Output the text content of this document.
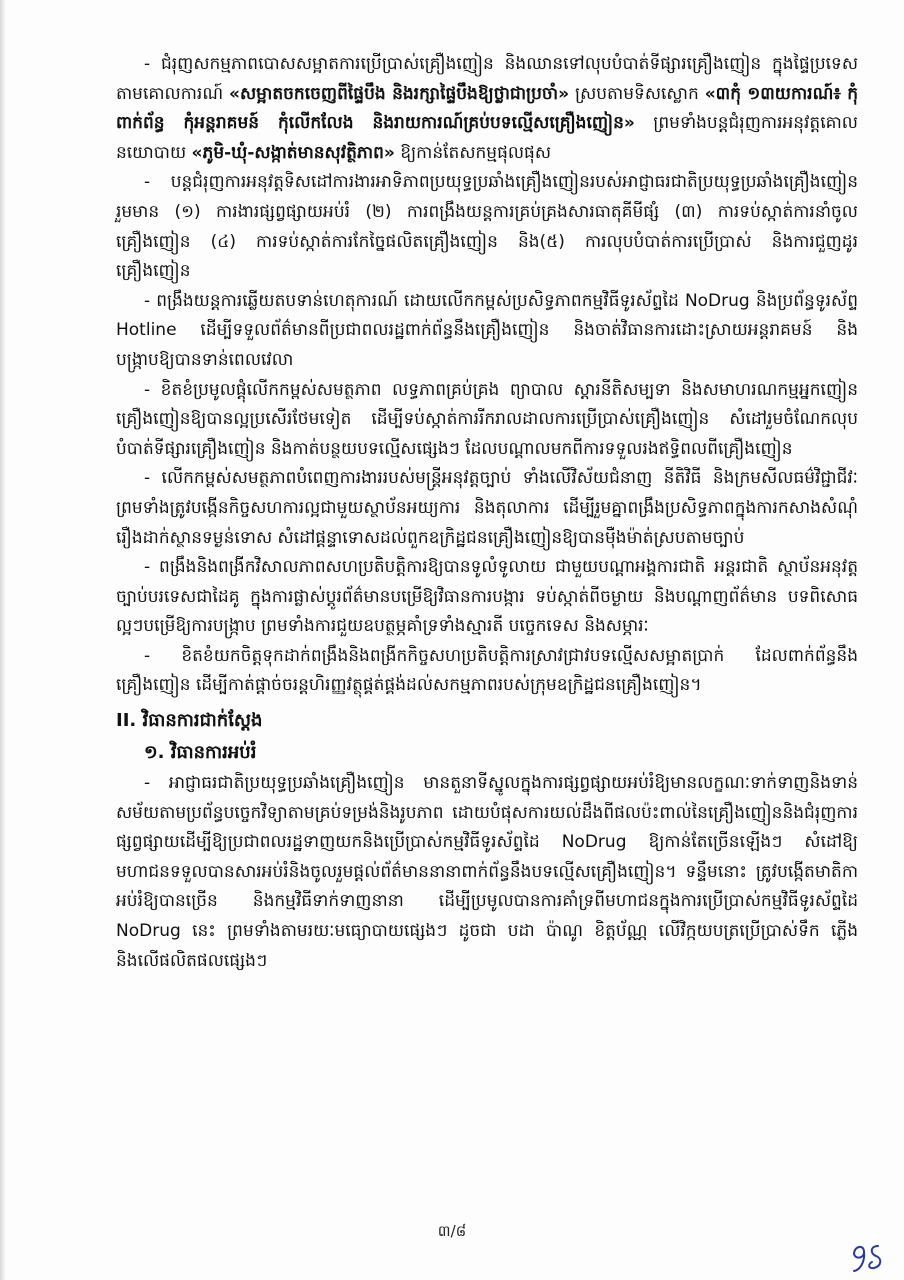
- ជំរុញសកម្មភាពបោសសម្អាតការប្រើប្រាស់គ្រឿងញៀន និងឈានទៅលុបបំបាត់ទីផ្សារគ្រឿងញៀន ក្នុងផ្ទៃប្រទេស តាមគោលការណ៍ «សម្អាតចកចេញពីផ្ទៃបឹង និងរក្សាផ្ទៃបឹងឱ្យថ្លាជាប្រចាំ» ស្របតាមទិសស្លោក «៣កុំ ១៣យការណ៍៖ កុំពាក់ព័ន្ធ កុំអន្តរាគមន៍ កុំលើកលែង និងរាយការណ៍គ្រប់បទល្មើសគ្រឿងញៀន» ព្រមទាំងបន្តជំរុញការអនុវត្តគោលនយោបាយ «ភូមិ-ឃុំ-សង្កាត់មានសុវត្ថិភាព» ឱ្យកាន់តែសកម្មផុលផុស

- បន្តជំរុញការអនុវត្តទិសដៅការងារអាទិភាពប្រយុទ្ធប្រឆាំងគ្រឿងញៀនរបស់អាជ្ញាធរជាតិប្រយុទ្ធប្រឆាំងគ្រឿងញៀនរួមមាន (១) ការងារផ្សព្វផ្សាយអប់រំ (២) ការពង្រឹងយន្តការគ្រប់គ្រងសារធាតុគីមីផ្សំ (៣) ការទប់ស្កាត់ការនាំចូលគ្រឿងញៀន (៤) ការទប់ស្កាត់ការកែច្នៃផលិតគ្រឿងញៀន និង(៥) ការលុបបំបាត់ការប្រើប្រាស់ និងការជួញដូរគ្រឿងញៀន

- ពង្រឹងយន្តការឆ្លើយតបទាន់ហេតុការណ៍ ដោយលើកកម្ពស់ប្រសិទ្ធភាពកម្មវិធីទូរស័ព្ទដៃ NoDrug និងប្រព័ន្ធទូរស័ព្ទ Hotline ដើម្បីទទួលព័ត៌មានពីប្រជាពលរដ្ឋពាក់ព័ន្ធនឹងគ្រឿងញៀន និងចាត់វិធានការដោះស្រាយអន្តរាគមន៍ និងបង្ក្រាបឱ្យបានទាន់ពេលវេលា

- ខិតខំប្រមូលផ្តុំលើកកម្ពស់សមត្ថភាព លទ្ធភាពគ្រប់គ្រង ព្យាបាល ស្តារនីតិសម្បទា និងសមាហរណកម្មអ្នកញៀនគ្រឿងញៀនឱ្យបានល្អប្រសើរថែមទៀត ដើម្បីទប់ស្កាត់ការរីករាលដាលការប្រើប្រាស់គ្រឿងញៀន សំដៅរួមចំណែកលុបបំបាត់ទីផ្សារគ្រឿងញៀន និងកាត់បន្ថយបទល្មើសផ្សេងៗ ដែលបណ្តាលមកពីការទទួលរងឥទ្ធិពលពីគ្រឿងញៀន

- លើកកម្ពស់សមត្ថភាពបំពេញការងាររបស់មន្ត្រីអនុវត្តច្បាប់ ទាំងលើវិស័យជំនាញ នីតិវិធី និងក្រមសីលធម៌វិជ្ជាជីវៈ ព្រមទាំងត្រូវបង្កើនកិច្ចសហការល្អជាមួយស្ថាប័នអយ្យការ និងតុលាការ ដើម្បីរួមគ្នាពង្រឹងប្រសិទ្ធភាពក្នុងការកសាងសំណុំរឿងដាក់ស្ថានទម្ងន់ទោស សំដៅផ្តន្ទាទោសដល់ពួកឧក្រិដ្ឋជនគ្រឿងញៀនឱ្យបានម៉ឺងម៉ាត់ស្របតាមច្បាប់

- ពង្រឹងនិងពង្រីកវិសាលភាពសហប្រតិបត្តិការឱ្យបានទូលំទូលាយ ជាមួយបណ្តាអង្គការជាតិ អន្តរជាតិ ស្ថាប័នអនុវត្តច្បាប់បរទេសជាដៃគូ ក្នុងការផ្លាស់ប្តូរព័ត៌មានបម្រើឱ្យវិធានការបង្ការ ទប់ស្កាត់ពីចម្ងាយ និងបណ្តាញព័ត៌មាន បទពិសោធល្អៗបម្រើឱ្យការបង្ក្រាប ព្រមទាំងការជួយឧបត្ថម្ភគាំទ្រទាំងស្មារតី បច្ចេកទេស និងសម្ភារៈ

- ខិតខំយកចិត្តទុកដាក់ពង្រឹងនិងពង្រីកកិច្ចសហប្រតិបត្តិការស្រាវជ្រាវបទល្មើសសម្អាតប្រាក់ ដែលពាក់ព័ន្ធនឹងគ្រឿងញៀន ដើម្បីកាត់ផ្តាច់ចរន្តហិរញ្ញវត្ថុផ្គត់ផ្គង់ដល់សកម្មភាពរបស់ក្រុមឧក្រិដ្ឋជនគ្រឿងញៀន។

II. វិធានការជាក់ស្តែង
១. វិធានការអប់រំ

- អាជ្ញាធរជាតិប្រយុទ្ធប្រឆាំងគ្រឿងញៀន មានតួនាទីស្នូលក្នុងការផ្សព្វផ្សាយអប់រំឱ្យមានលក្ខណៈទាក់ទាញនិងទាន់សម័យតាមប្រព័ន្ធបច្ចេកវិទ្យាតាមគ្រប់ទម្រង់និងរូបភាព ដោយបំផុសការយល់ដឹងពីផលប៉ះពាល់នៃគ្រឿងញៀននិងជំរុញការផ្សព្វផ្សាយដើម្បីឱ្យប្រជាពលរដ្ឋទាញយកនិងប្រើប្រាស់កម្មវិធីទូរស័ព្ទដៃ NoDrug ឱ្យកាន់តែច្រើនឡើងៗ សំដៅឱ្យមហាជនទទួលបានសារអប់រំនិងចូលរួមផ្តល់ព័ត៌មាននានាពាក់ព័ន្ធនឹងបទល្មើសគ្រឿងញៀន។ ទន្ទឹមនោះ ត្រូវបង្កើតមាតិកាអប់រំឱ្យបានច្រើន និងកម្មវិធីទាក់ទាញនានា ដើម្បីប្រមូលបានការគាំទ្រពីមហាជនក្នុងការប្រើប្រាស់កម្មវិធីទូរស័ព្ទដៃ NoDrug នេះ ព្រមទាំងតាមរយៈមធ្យោបាយផ្សេងៗ ដូចជា បដា ប៉ាណូ ខិត្តប័ណ្ណ លើវិក្កយបត្រប្រើប្រាស់ទឹក ភ្លើង និងលើផលិតផលផ្សេងៗ

៣/៨
